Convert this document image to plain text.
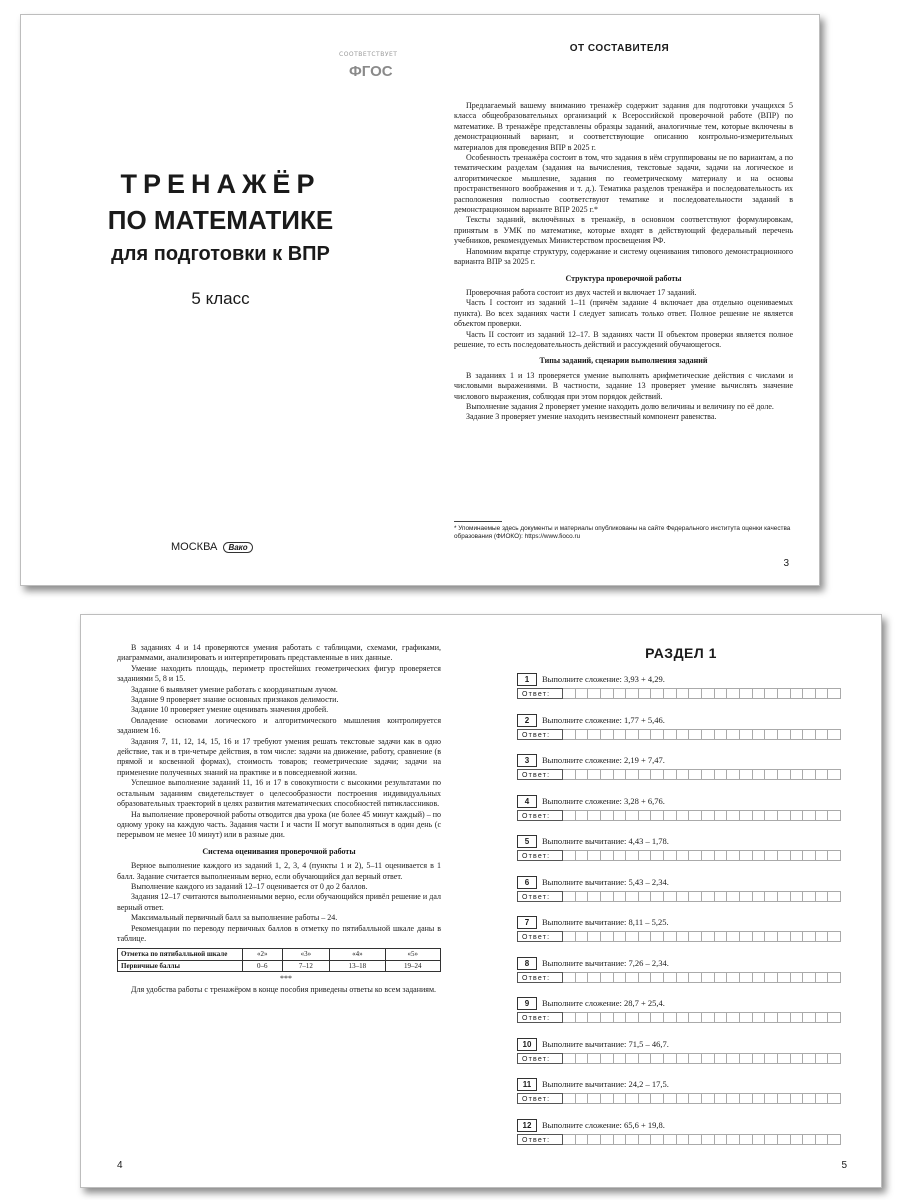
СООТВЕТСТВУЕТ
ФГОС
ТРЕНАЖЁР
ПО МАТЕМАТИКЕ
для подготовки к ВПР
5 класс
МОСКВА Вако
ОТ СОСТАВИТЕЛЯ

Предлагаемый вашему вниманию тренажёр содержит задания для подготовки учащихся 5 класса общеобразовательных организаций к Всероссийской проверочной работе (ВПР) по математике. В тренажёре представлены образцы заданий, аналогичные тем, которые включены в демонстрационный вариант, и соответствующие описанию контрольно-измерительных материалов для проведения ВПР в 2025 г.

Особенность тренажёра состоит в том, что задания в нём сгруппированы не по вариантам, а по тематическим разделам (задания на вычисления, текстовые задачи, задачи на логическое и алгоритмическое мышление, задания по геометрическому материалу и на основы пространственного воображения и т. д.). Тематика разделов тренажёра и последовательность их расположения полностью соответствуют тематике и последовательности заданий в демонстрационном варианте ВПР 2025 г.*

Тексты заданий, включённых в тренажёр, в основном соответствуют формулировкам, принятым в УМК по математике, которые входят в действующий федеральный перечень учебников, рекомендуемых Министерством просвещения РФ.

Напомним вкратце структуру, содержание и систему оценивания типового демонстрационного варианта ВПР за 2025 г.

Структура проверочной работы

Проверочная работа состоит из двух частей и включает 17 заданий.

Часть I состоит из заданий 1–11 (причём задание 4 включает два отдельно оцениваемых пункта). Во всех заданиях части I следует записать только ответ. Полное решение не является объектом проверки.

Часть II состоит из заданий 12–17. В заданиях части II объектом проверки является полное решение, то есть последовательность действий и рассуждений обучающегося.

Типы заданий, сценарии выполнения заданий

В заданиях 1 и 13 проверяется умение выполнять арифметические действия с числами и числовыми выражениями. В частности, задание 13 проверяет умение вычислять значение числового выражения, соблюдая при этом порядок действий.

Выполнение задания 2 проверяет умение находить долю величины и величину по её доле.

Задание 3 проверяет умение находить неизвестный компонент равенства.

* Упоминаемые здесь документы и материалы опубликованы на сайте Федерального института оценки качества образования (ФИОКО): https://www.fioco.ru
3

В заданиях 4 и 14 проверяются умения работать с таблицами, схемами, графиками, диаграммами, анализировать и интерпретировать представленные в них данные.

Умение находить площадь, периметр простейших геометрических фигур проверяется заданиями 5, 8 и 15.

Задание 6 выявляет умение работать с координатным лучом.

Задание 9 проверяет знание основных признаков делимости.

Задание 10 проверяет умение оценивать значения дробей.

Овладение основами логического и алгоритмического мышления контролируется заданием 16.

Задания 7, 11, 12, 14, 15, 16 и 17 требуют умения решать текстовые задачи как в одно действие, так и в три-четыре действия, в том числе: задачи на движение, работу, сравнение (в прямой и косвенной формах), стоимость товаров; геометрические задачи; задачи на применение полученных знаний на практике и в повседневной жизни.

Успешное выполнение заданий 11, 16 и 17 в совокупности с высокими результатами по остальным заданиям свидетельствует о целесообразности построения индивидуальных образовательных траекторий в целях развития математических способностей пятиклассников.

На выполнение проверочной работы отводится два урока (не более 45 минут каждый) – по одному уроку на каждую часть. Задания части I и части II могут выполняться в один день (с перерывом не менее 10 минут) или в разные дни.

Система оценивания проверочной работы

Верное выполнение каждого из заданий 1, 2, 3, 4 (пункты 1 и 2), 5–11 оценивается в 1 балл. Задание считается выполненным верно, если обучающийся дал верный ответ.

Выполнение каждого из заданий 12–17 оценивается от 0 до 2 баллов.

Задания 12–17 считаются выполненными верно, если обучающийся привёл решение и дал верный ответ.

Максимальный первичный балл за выполнение работы – 24.

Рекомендации по переводу первичных баллов в отметку по пятибалльной шкале даны в таблице.

Отметка по пятибалльной шкале	«2»	«3»	«4»	«5»
Первичные баллы	0–6	7–12	13–18	19–24

***

Для удобства работы с тренажёром в конце пособия приведены ответы ко всем заданиям.

4
РАЗДЕЛ 1
1	Выполните сложение: 3,93 + 4,29.
Ответ:
2	Выполните сложение: 1,77 + 5,46.
Ответ:
3	Выполните сложение: 2,19 + 7,47.
Ответ:
4	Выполните сложение: 3,28 + 6,76.
Ответ:
5	Выполните вычитание: 4,43 – 1,78.
Ответ:
6	Выполните вычитание: 5,43 – 2,34.
Ответ:
7	Выполните вычитание: 8,11 – 5,25.
Ответ:
8	Выполните вычитание: 7,26 – 2,34.
Ответ:
9	Выполните сложение: 28,7 + 25,4.
Ответ:
10	Выполните вычитание: 71,5 – 46,7.
Ответ:
11	Выполните вычитание: 24,2 – 17,5.
Ответ:
12	Выполните сложение: 65,6 + 19,8.
Ответ:
5
